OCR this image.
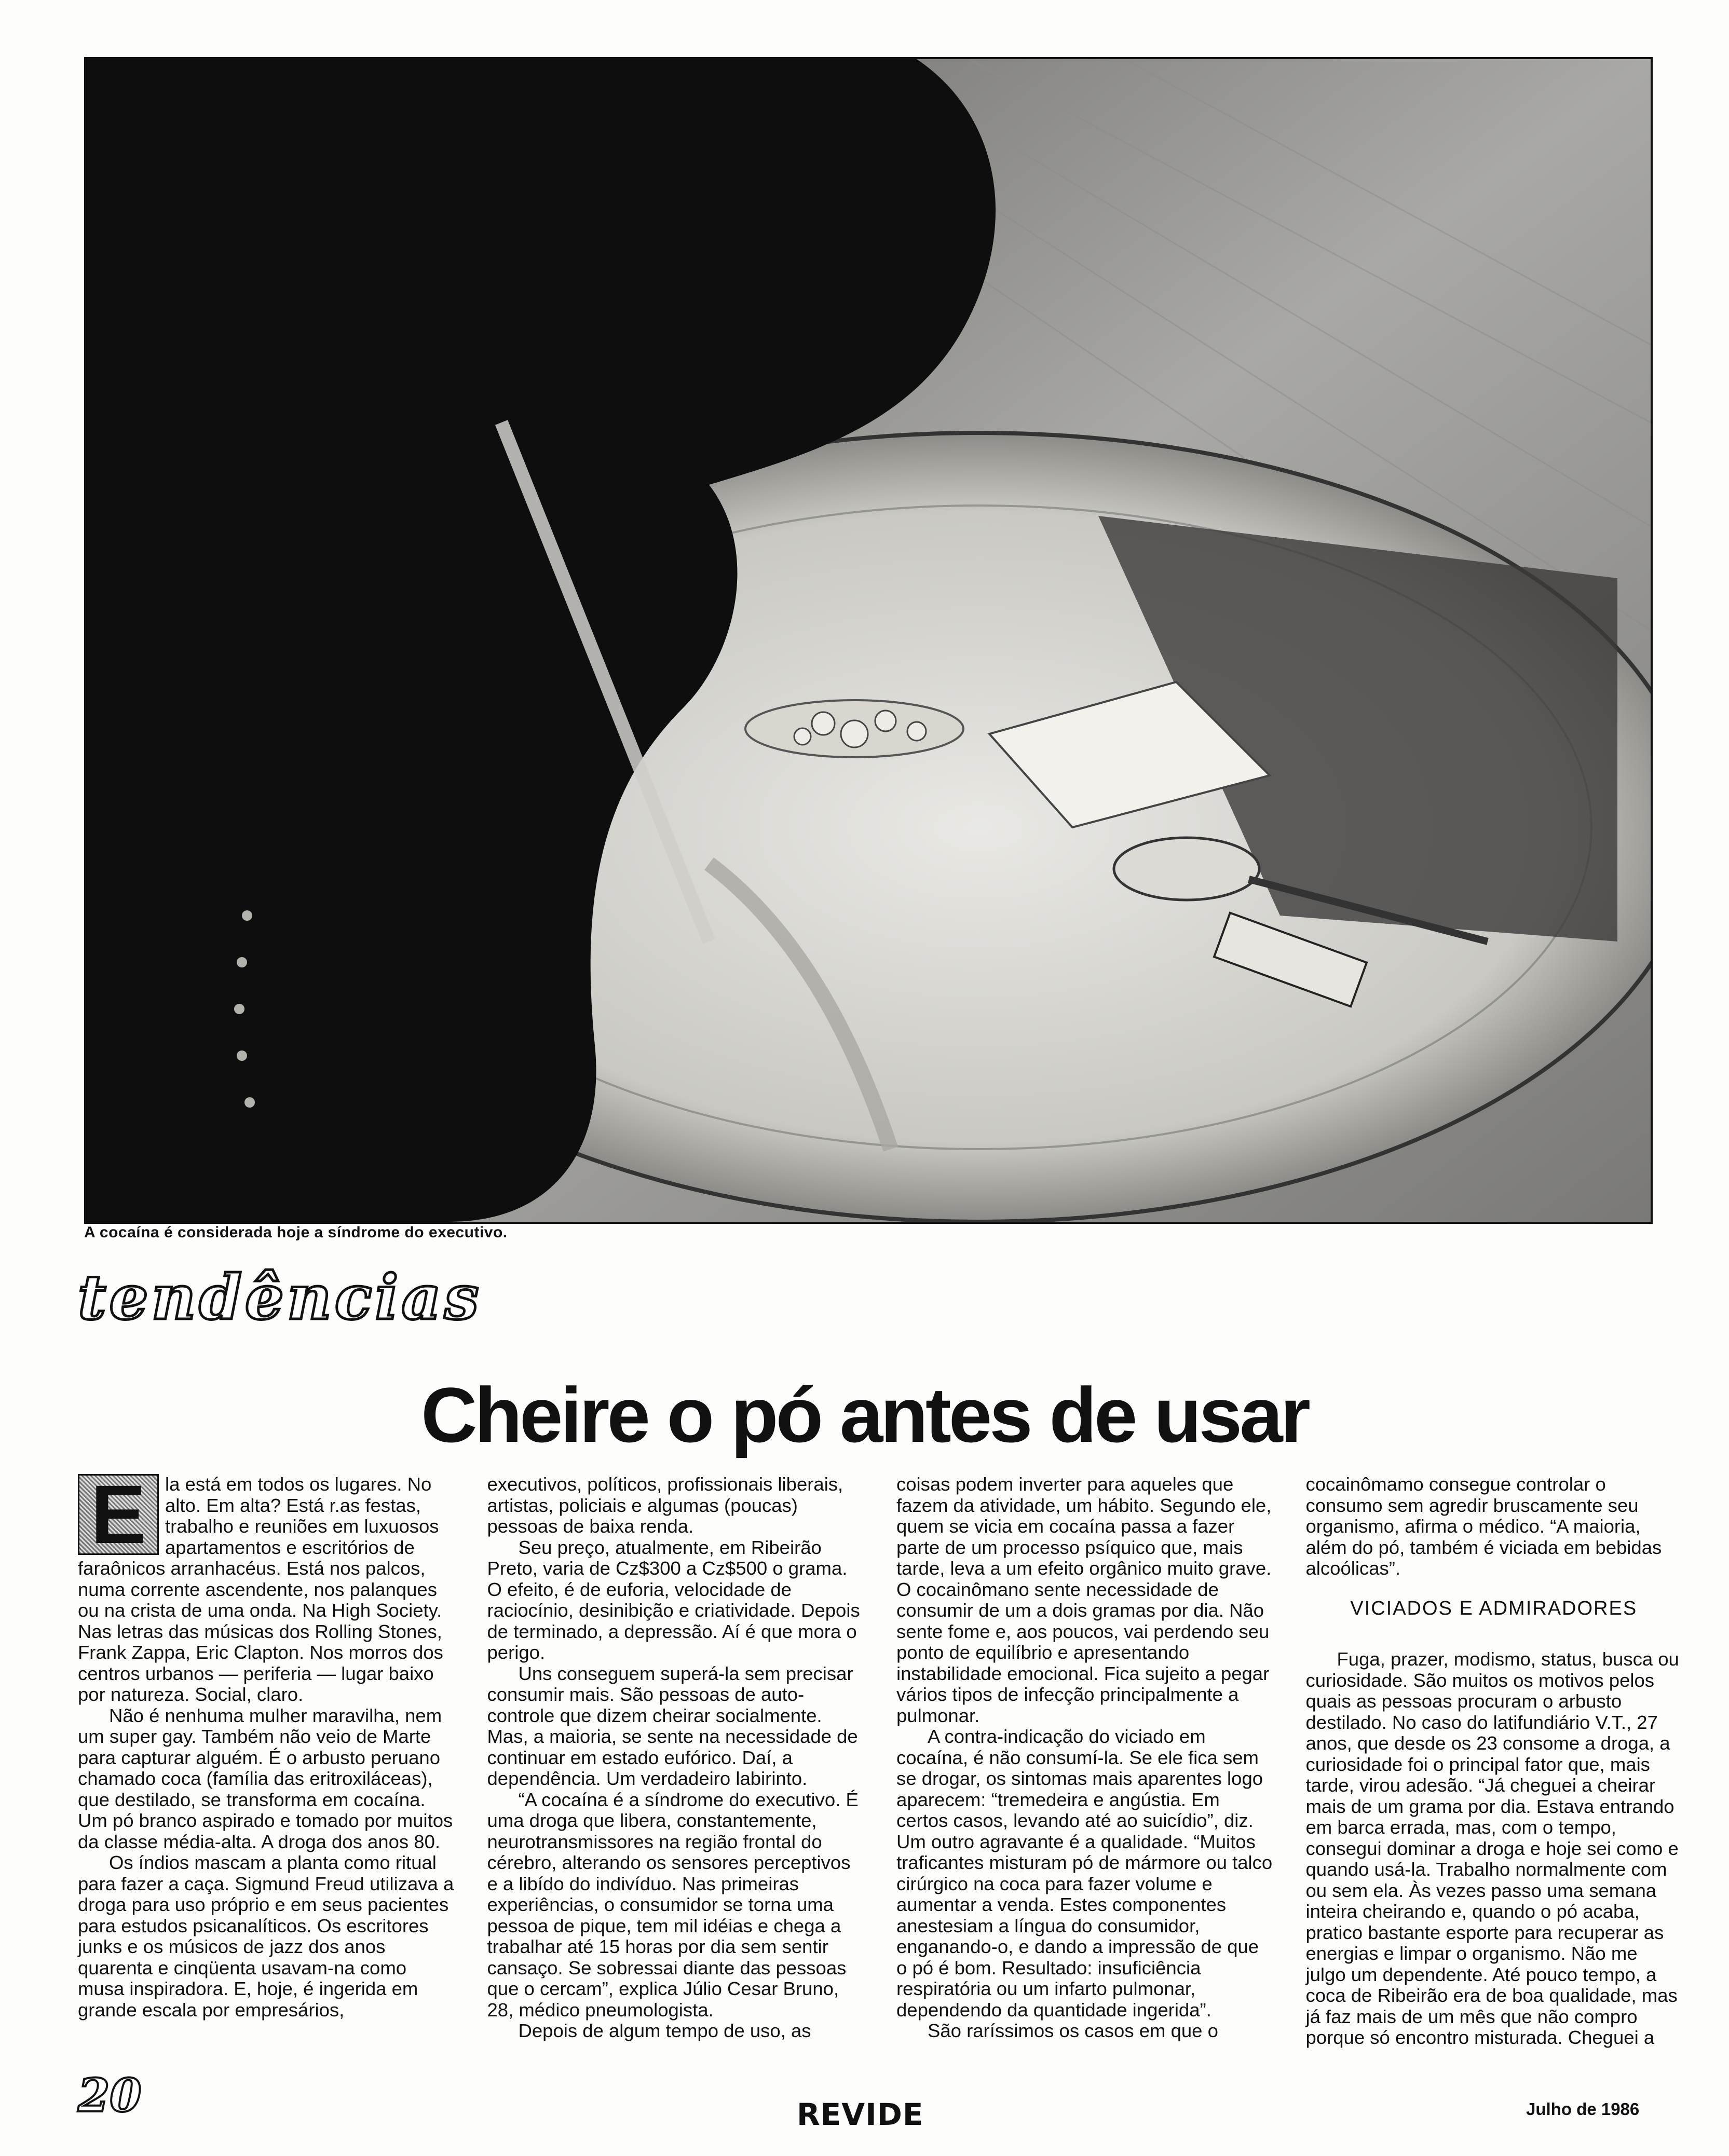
A cocaína é considerada hoje a síndrome do executivo.
tendências
Cheire o pó antes de usar
E	la está em todos os lugares. No alto. Em alta? Está r.as festas, trabalho e reuniões em luxuosos apartamentos e escritórios de faraônicos arranhacéus. Está nos palcos, numa corrente ascendente, nos palanques ou na crista de uma onda. Na High Society. Nas letras das músicas dos Rolling Stones, Frank Zappa, Eric Clapton. Nos morros dos centros urbanos — periferia — lugar baixo por natureza. Social, claro.

Não é nenhuma mulher maravilha, nem um super gay. Também não veio de Marte para capturar alguém. É o arbusto peruano chamado coca (família das eritroxiláceas), que destilado, se transforma em cocaína. Um pó branco aspirado e tomado por muitos da classe média-alta. A droga dos anos 80.

Os índios mascam a planta como ritual para fazer a caça. Sigmund Freud utilizava a droga para uso próprio e em seus pacientes para estudos psicanalíticos. Os escritores junks e os músicos de jazz dos anos quarenta e cinqüenta usavam-na como musa inspiradora. E, hoje, é ingerida em grande escala por empresários,

executivos, políticos, profissionais liberais, artistas, policiais e algumas (poucas) pessoas de baixa renda.

Seu preço, atualmente, em Ribeirão Preto, varia de Cz$300 a Cz$500 o grama. O efeito, é de euforia, velocidade de raciocínio, desinibição e criatividade. Depois de terminado, a depressão. Aí é que mora o perigo.

Uns conseguem superá-la sem precisar consumir mais. São pessoas de auto-controle que dizem cheirar socialmente. Mas, a maioria, se sente na necessidade de continuar em estado eufórico. Daí, a dependência. Um verdadeiro labirinto.

“A cocaína é a síndrome do executivo. É uma droga que libera, constantemente, neurotransmissores na região frontal do cérebro, alterando os sensores perceptivos e a libído do indivíduo. Nas primeiras experiências, o consumidor se torna uma pessoa de pique, tem mil idéias e chega a trabalhar até 15 horas por dia sem sentir cansaço. Se sobressai diante das pessoas que o cercam”, explica Júlio Cesar Bruno, 28, médico pneumologista.

Depois de algum tempo de uso, as

coisas podem inverter para aqueles que fazem da atividade, um hábito. Segundo ele, quem se vicia em cocaína passa a fazer parte de um processo psíquico que, mais tarde, leva a um efeito orgânico muito grave. O cocainômano sente necessidade de consumir de um a dois gramas por dia. Não sente fome e, aos poucos, vai perdendo seu ponto de equilíbrio e apresentando instabilidade emocional. Fica sujeito a pegar vários tipos de infecção principalmente a pulmonar.

A contra-indicação do viciado em cocaína, é não consumí-la. Se ele fica sem se drogar, os sintomas mais aparentes logo aparecem: “tremedeira e angústia. Em certos casos, levando até ao suicídio”, diz. Um outro agravante é a qualidade. “Muitos traficantes misturam pó de mármore ou talco cirúrgico na coca para fazer volume e aumentar a venda. Estes componentes anestesiam a língua do consumidor, enganando-o, e dando a impressão de que o pó é bom. Resultado: insuficiência respiratória ou um infarto pulmonar, dependendo da quantidade ingerida”.

São raríssimos os casos em que o

cocainômamo consegue controlar o consumo sem agredir bruscamente seu organismo, afirma o médico. “A maioria, além do pó, também é viciada em bebidas alcoólicas”.

VICIADOS E ADMIRADORES

Fuga, prazer, modismo, status, busca ou curiosidade. São muitos os motivos pelos quais as pessoas procuram o arbusto destilado. No caso do latifundiário V.T., 27 anos, que desde os 23 consome a droga, a curiosidade foi o principal fator que, mais tarde, virou adesão. “Já cheguei a cheirar mais de um grama por dia. Estava entrando em barca errada, mas, com o tempo, consegui dominar a droga e hoje sei como e quando usá-la. Trabalho normalmente com ou sem ela. Às vezes passo uma semana inteira cheirando e, quando o pó acaba, pratico bastante esporte para recuperar as energias e limpar o organismo. Não me julgo um dependente. Até pouco tempo, a coca de Ribeirão era de boa qualidade, mas já faz mais de um mês que não compro porque só encontro misturada. Cheguei a

20	REVIDE	Julho de 1986
